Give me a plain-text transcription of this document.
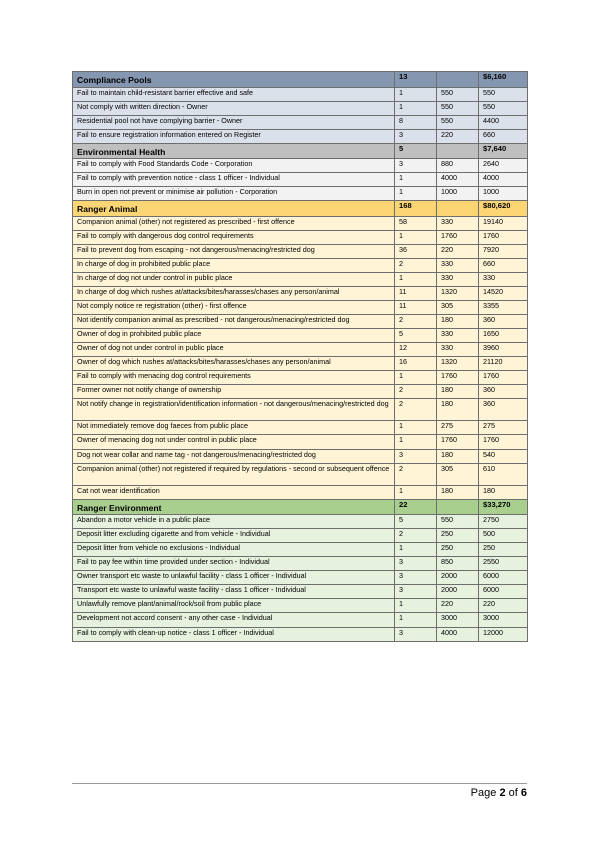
Compliance Pools	13		$6,160
Fail to maintain child-resistant barrier effective and safe	1	550	550
Not comply with written direction - Owner	1	550	550
Residential pool not have complying barrier - Owner	8	550	4400
Fail to ensure registration information entered on Register	3	220	660
Environmental Health	5		$7,640
Fail to comply with Food Standards Code - Corporation	3	880	2640
Fail to comply with prevention notice - class 1 officer - Individual	1	4000	4000
Burn in open not prevent or minimise air pollution - Corporation	1	1000	1000
Ranger Animal	168		$80,620
Companion animal (other) not registered as prescribed - first offence	58	330	19140
Fail to comply with dangerous dog control requirements	1	1760	1760
Fail to prevent dog from escaping - not dangerous/menacing/restricted dog	36	220	7920
In charge of dog in prohibited public place	2	330	660
In charge of dog not under control in public place	1	330	330
In charge of dog which rushes at/attacks/bites/harasses/chases any person/animal	11	1320	14520
Not comply notice re registration (other) - first offence	11	305	3355
Not identify companion animal as prescribed - not dangerous/menacing/restricted dog	2	180	360
Owner of dog in prohibited public place	5	330	1650
Owner of dog not under control in public place	12	330	3960
Owner of dog which rushes at/attacks/bites/harasses/chases any person/animal	16	1320	21120
Fail to comply with menacing dog control requirements	1	1760	1760
Former owner not notify change of ownership	2	180	360
Not notify change in registration/identification information - not dangerous/menacing/restricted dog	2	180	360
Not immediately remove dog faeces from public place	1	275	275
Owner of menacing dog not under control in public place	1	1760	1760
Dog not wear collar and name tag - not dangerous/menacing/restricted dog	3	180	540
Companion animal (other) not registered if required by regulations - second or subsequent offence	2	305	610
Cat not wear identification	1	180	180
Ranger Environment	22		$33,270
Abandon a motor vehicle in a public place	5	550	2750
Deposit litter excluding cigarette and from vehicle - Individual	2	250	500
Deposit litter from vehicle no exclusions - Individual	1	250	250
Fail to pay fee within time provided under section - Individual	3	850	2550
Owner transport etc waste to unlawful facility - class 1 officer - Individual	3	2000	6000
Transport etc waste to unlawful waste facility - class 1 officer - Individual	3	2000	6000
Unlawfully remove plant/animal/rock/soil from public place	1	220	220
Development not accord consent - any other case - Individual	1	3000	3000
Fail to comply with clean-up notice - class 1 officer - Individual	3	4000	12000
Page 2 of 6
